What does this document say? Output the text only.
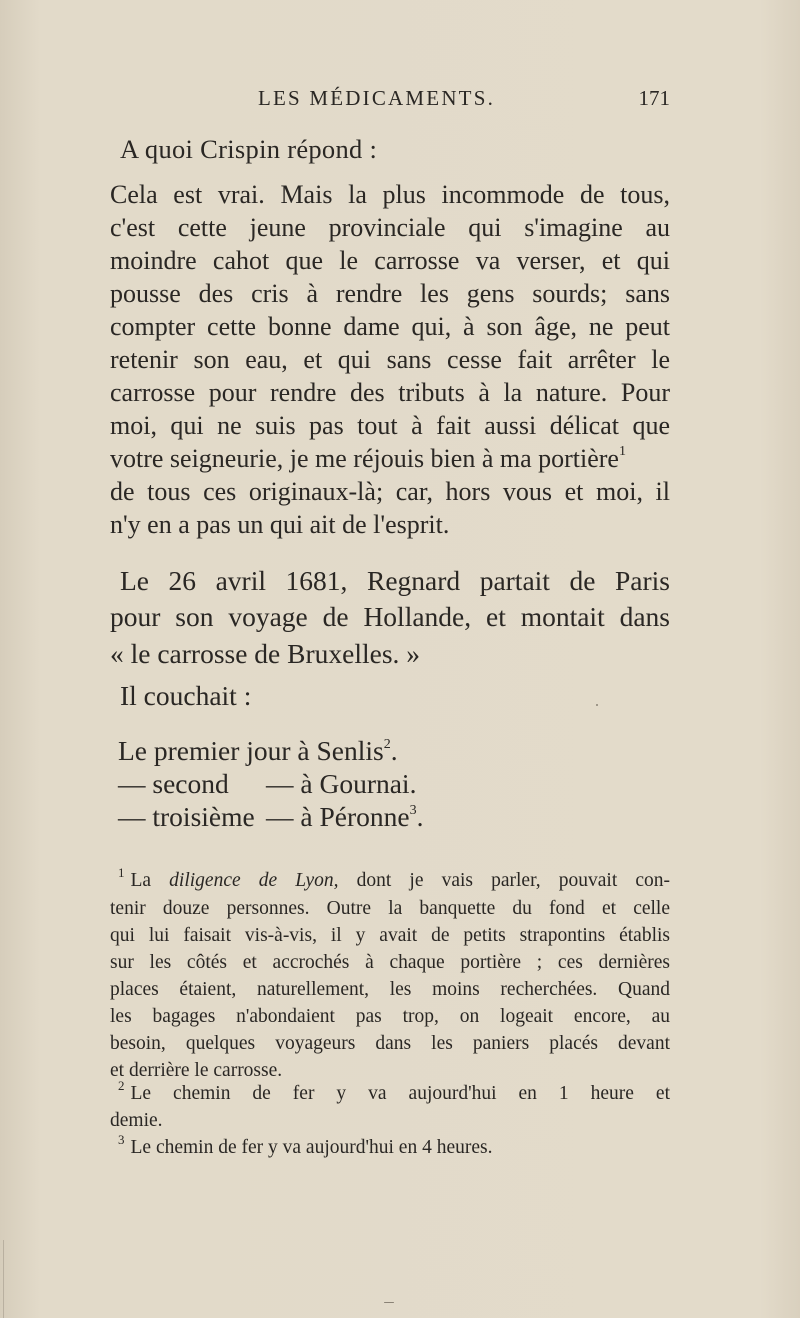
LES MÉDICAMENTS.	171
A quoi Crispin répond :
Cela est vrai. Mais la plus incommode de tous,
c'est cette jeune provinciale qui s'imagine au
moindre cahot que le carrosse va verser, et qui
pousse des cris à rendre les gens sourds; sans
compter cette bonne dame qui, à son âge, ne peut
retenir son eau, et qui sans cesse fait arrêter le
carrosse pour rendre des tributs à la nature. Pour
moi, qui ne suis pas tout à fait aussi délicat que
votre seigneurie, je me réjouis bien à ma portière$^1$
de tous ces originaux-là; car, hors vous et moi, il
n'y en a pas un qui ait de l'esprit.
Le 26 avril 1681, Regnard partait de Paris
pour son voyage de Hollande, et montait dans
« le carrosse de Bruxelles. »
Il couchait :
Le premier jour à Senlis$^2$.
— second — à Gournai.
— troisième — à Péronne$^3$.
$^1$ La diligence de Lyon, dont je vais parler, pouvait con-
tenir douze personnes. Outre la banquette du fond et celle
qui lui faisait vis-à-vis, il y avait de petits strapontins établis
sur les côtés et accrochés à chaque portière ; ces dernières
places étaient, naturellement, les moins recherchées. Quand
les bagages n'abondaient pas trop, on logeait encore, au
besoin, quelques voyageurs dans les paniers placés devant
et derrière le carrosse.
$^2$ Le chemin de fer y va aujourd'hui en 1 heure et
demie.
$^3$ Le chemin de fer y va aujourd'hui en 4 heures.
